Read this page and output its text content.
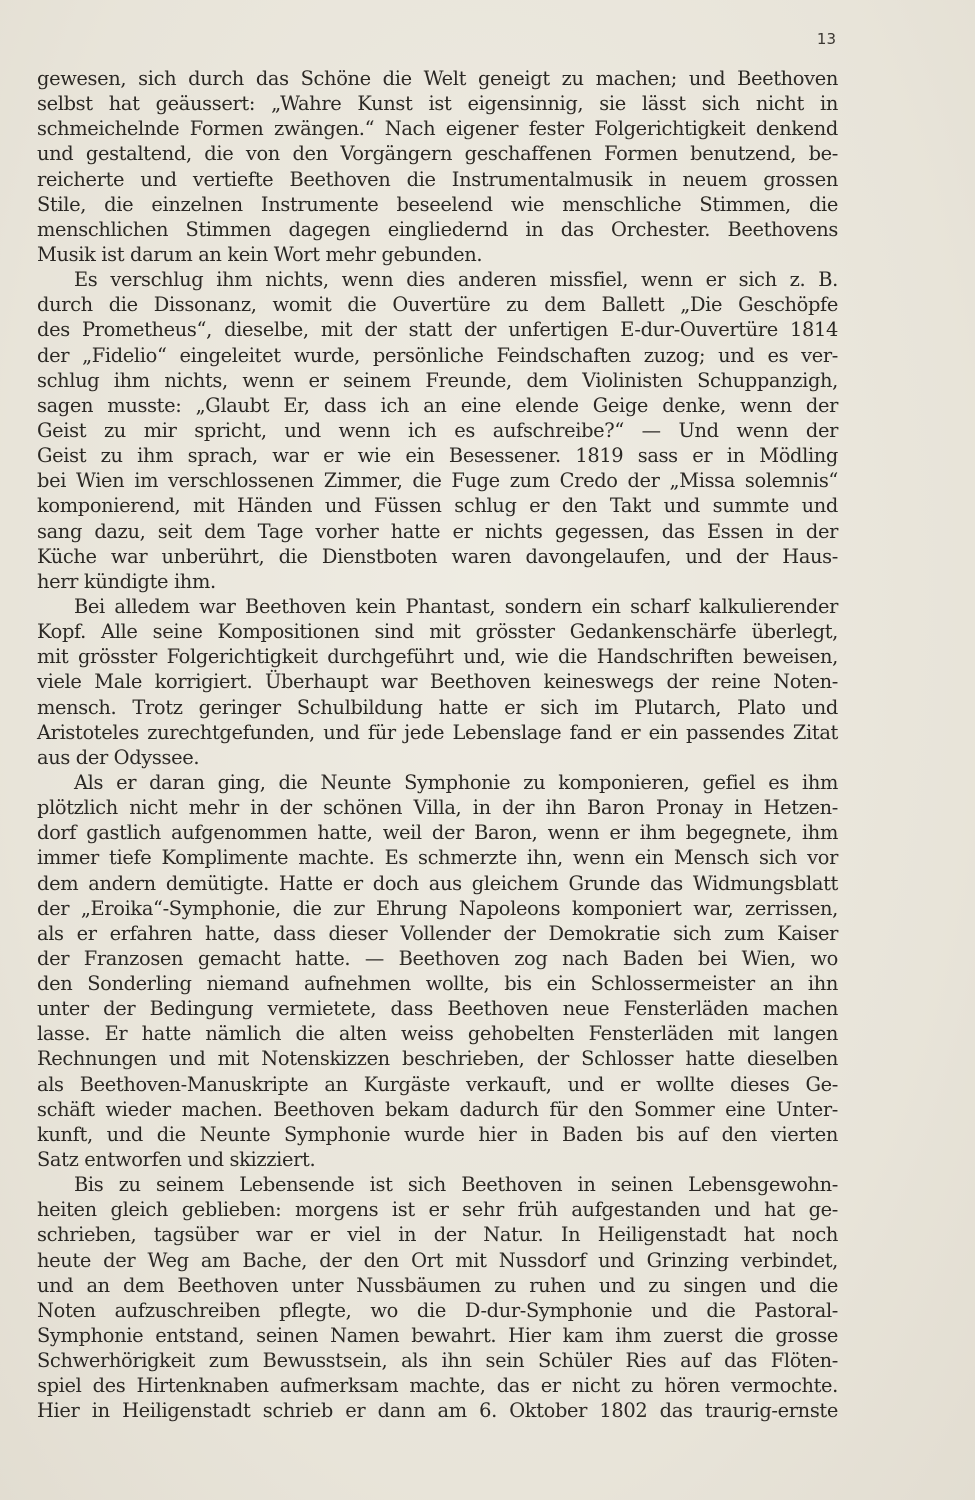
13
gewesen, sich durch das Schöne die Welt geneigt zu machen; und Beethoven
selbst hat geäussert: „Wahre Kunst ist eigensinnig, sie lässt sich nicht in
schmeichelnde Formen zwängen.“ Nach eigener fester Folgerichtigkeit denkend
und gestaltend, die von den Vorgängern geschaffenen Formen benutzend, be-
reicherte und vertiefte Beethoven die Instrumentalmusik in neuem grossen
Stile, die einzelnen Instrumente beseelend wie menschliche Stimmen, die
menschlichen Stimmen dagegen eingliedernd in das Orchester. Beethovens
Musik ist darum an kein Wort mehr gebunden.
Es verschlug ihm nichts, wenn dies anderen missfiel, wenn er sich z. B.
durch die Dissonanz, womit die Ouvertüre zu dem Ballett „Die Geschöpfe
des Prometheus“, dieselbe, mit der statt der unfertigen E-dur-Ouvertüre 1814
der „Fidelio“ eingeleitet wurde, persönliche Feindschaften zuzog; und es ver-
schlug ihm nichts, wenn er seinem Freunde, dem Violinisten Schuppanzigh,
sagen musste: „Glaubt Er, dass ich an eine elende Geige denke, wenn der
Geist zu mir spricht, und wenn ich es aufschreibe?“ — Und wenn der
Geist zu ihm sprach, war er wie ein Besessener. 1819 sass er in Mödling
bei Wien im verschlossenen Zimmer, die Fuge zum Credo der „Missa solemnis“
komponierend, mit Händen und Füssen schlug er den Takt und summte und
sang dazu, seit dem Tage vorher hatte er nichts gegessen, das Essen in der
Küche war unberührt, die Dienstboten waren davongelaufen, und der Haus-
herr kündigte ihm.
Bei alledem war Beethoven kein Phantast, sondern ein scharf kalkulierender
Kopf. Alle seine Kompositionen sind mit grösster Gedankenschärfe überlegt,
mit grösster Folgerichtigkeit durchgeführt und, wie die Handschriften beweisen,
viele Male korrigiert. Überhaupt war Beethoven keineswegs der reine Noten-
mensch. Trotz geringer Schulbildung hatte er sich im Plutarch, Plato und
Aristoteles zurechtgefunden, und für jede Lebenslage fand er ein passendes Zitat
aus der Odyssee.
Als er daran ging, die Neunte Symphonie zu komponieren, gefiel es ihm
plötzlich nicht mehr in der schönen Villa, in der ihn Baron Pronay in Hetzen-
dorf gastlich aufgenommen hatte, weil der Baron, wenn er ihm begegnete, ihm
immer tiefe Komplimente machte. Es schmerzte ihn, wenn ein Mensch sich vor
dem andern demütigte. Hatte er doch aus gleichem Grunde das Widmungsblatt
der „Eroika“-Symphonie, die zur Ehrung Napoleons komponiert war, zerrissen,
als er erfahren hatte, dass dieser Vollender der Demokratie sich zum Kaiser
der Franzosen gemacht hatte. — Beethoven zog nach Baden bei Wien, wo
den Sonderling niemand aufnehmen wollte, bis ein Schlossermeister an ihn
unter der Bedingung vermietete, dass Beethoven neue Fensterläden machen
lasse. Er hatte nämlich die alten weiss gehobelten Fensterläden mit langen
Rechnungen und mit Notenskizzen beschrieben, der Schlosser hatte dieselben
als Beethoven-Manuskripte an Kurgäste verkauft, und er wollte dieses Ge-
schäft wieder machen. Beethoven bekam dadurch für den Sommer eine Unter-
kunft, und die Neunte Symphonie wurde hier in Baden bis auf den vierten
Satz entworfen und skizziert.
Bis zu seinem Lebensende ist sich Beethoven in seinen Lebensgewohn-
heiten gleich geblieben: morgens ist er sehr früh aufgestanden und hat ge-
schrieben, tagsüber war er viel in der Natur. In Heiligenstadt hat noch
heute der Weg am Bache, der den Ort mit Nussdorf und Grinzing verbindet,
und an dem Beethoven unter Nussbäumen zu ruhen und zu singen und die
Noten aufzuschreiben pflegte, wo die D-dur-Symphonie und die Pastoral-
Symphonie entstand, seinen Namen bewahrt. Hier kam ihm zuerst die grosse
Schwerhörigkeit zum Bewusstsein, als ihn sein Schüler Ries auf das Flöten-
spiel des Hirtenknaben aufmerksam machte, das er nicht zu hören vermochte.
Hier in Heiligenstadt schrieb er dann am 6. Oktober 1802 das traurig-ernste
